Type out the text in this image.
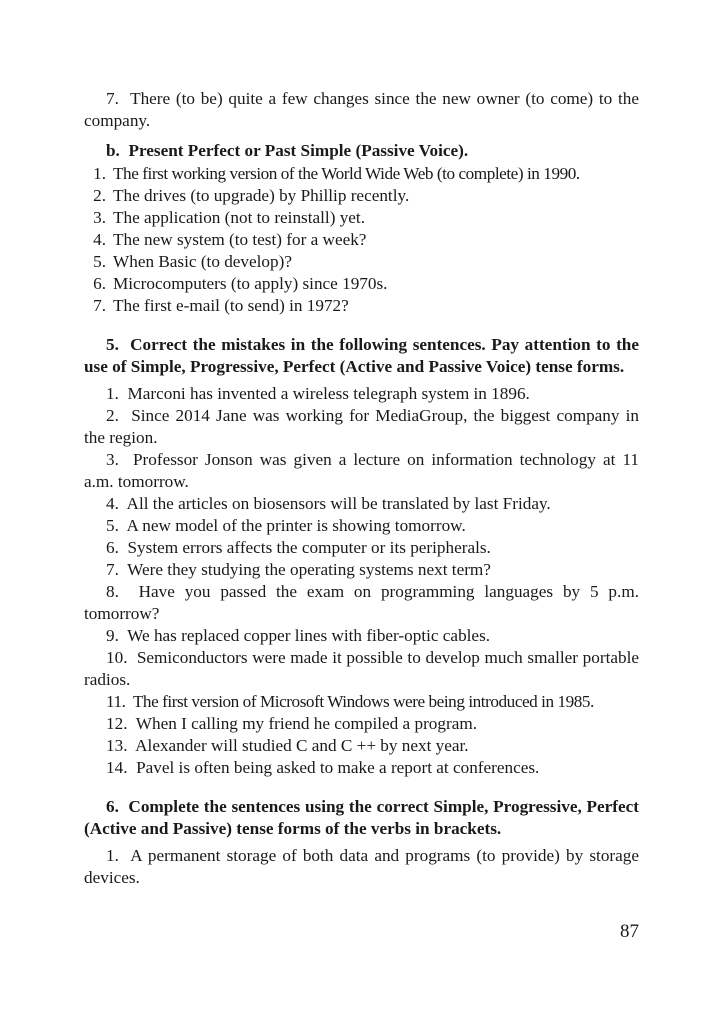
7.  There (to be) quite a few changes since the new owner (to come) to the company.

b.  Present Perfect or Past Simple (Passive Voice).

1. The first working version of the World Wide Web (to complete) in 1990.
2. The drives (to upgrade) by Phillip recently.
3. The application (not to reinstall) yet.
4. The new system (to test) for a week?
5. When Basic (to develop)?
6. Microcomputers (to apply) since 1970s.
7. The first e-mail (to send) in 1972?

5.  Correct the mistakes in the following sentences. Pay attention to the use of Simple, Progressive, Perfect (Active and Passive Voice) tense forms.

1.  Marconi has invented a wireless telegraph system in 1896.

2.  Since 2014 Jane was working for MediaGroup, the biggest company in the region.

3.  Professor Jonson was given a lecture on information technology at 11 a.m. tomorrow.

4.  All the articles on biosensors will be translated by last Friday.

5.  A new model of the printer is showing tomorrow.

6.  System errors affects the computer or its peripherals.

7.  Were they studying the operating systems next term?

8.  Have you passed the exam on programming languages by 5 p.m. tomorrow?

9.  We has replaced copper lines with fiber-optic cables.

10.  Semiconductors were made it possible to develop much smaller portable radios.

11.  The first version of Microsoft Windows were being introduced in 1985.

12.  When I calling my friend he compiled a program.

13.  Alexander will studied C and C ++ by next year.

14.  Pavel is often being asked to make a report at conferences.

6.  Complete the sentences using the correct Simple, Progressive, Perfect (Active and Passive) tense forms of the verbs in brackets.

1.  A permanent storage of both data and programs (to provide) by storage devices.

87
